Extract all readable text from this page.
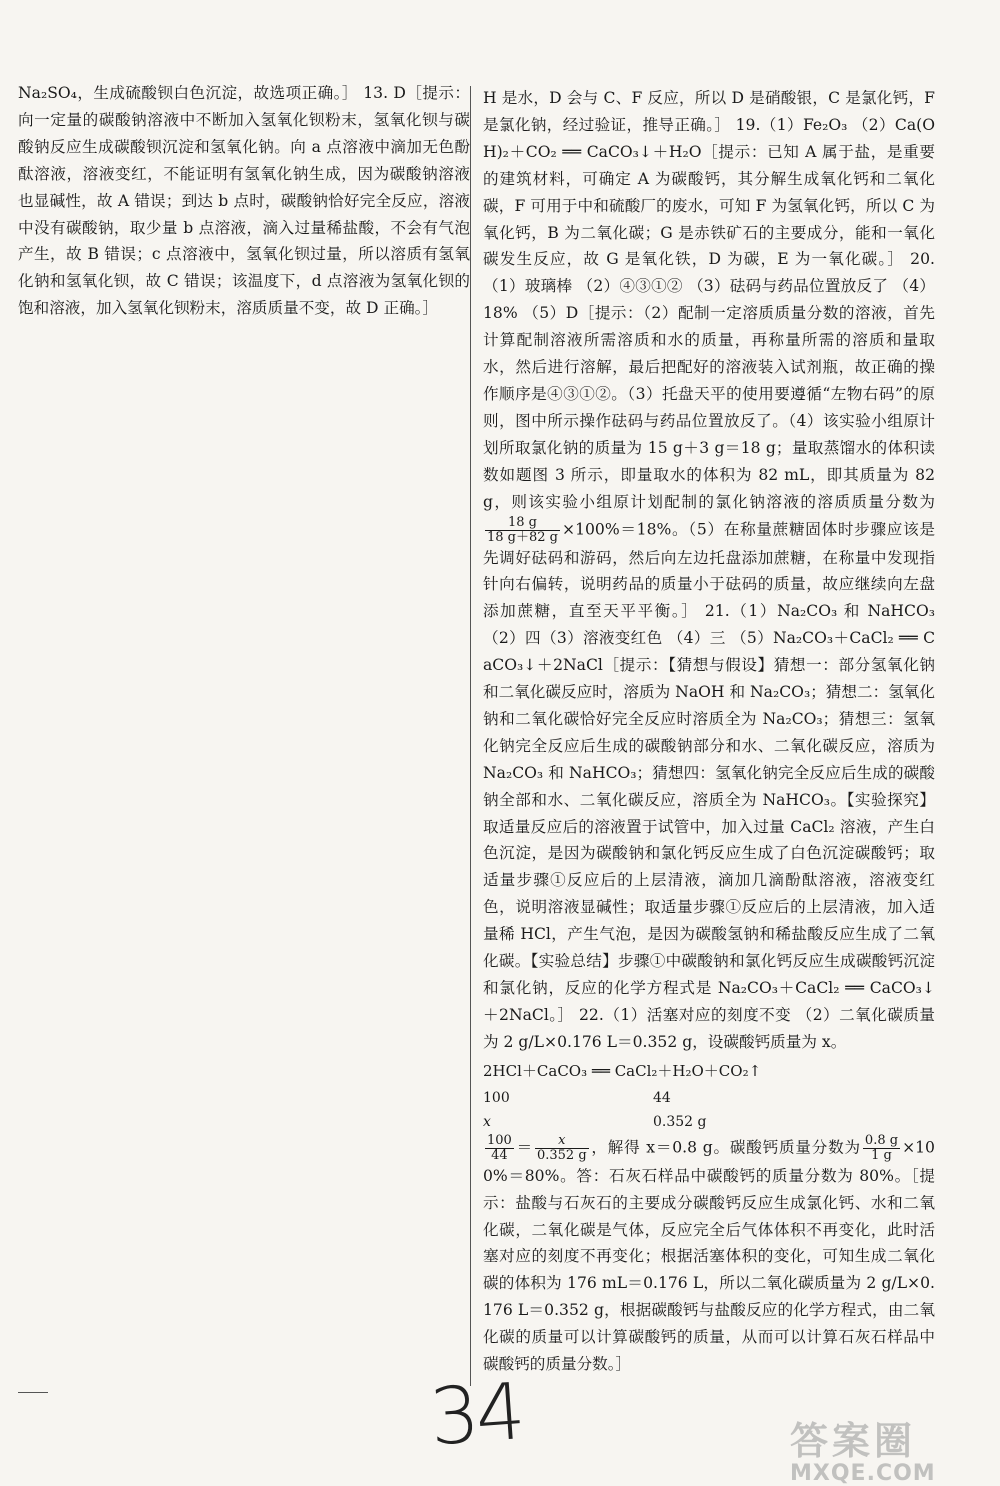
Na₂SO₄，生成硫酸钡白色沉淀，故选项正确。］ 13. D［提示：向一定量的碳酸钠溶液中不断加入氢氧化钡粉末，氢氧化钡与碳酸钠反应生成碳酸钡沉淀和氢氧化钠。向 a 点溶液中滴加无色酚酞溶液，溶液变红，不能证明有氢氧化钠生成，因为碳酸钠溶液也显碱性，故 A 错误；到达 b 点时，碳酸钠恰好完全反应，溶液中没有碳酸钠，取少量 b 点溶液，滴入过量稀盐酸，不会有气泡产生，故 B 错误；c 点溶液中，氢氧化钡过量，所以溶质有氢氧化钠和氢氧化钡，故 C 错误；该温度下，d 点溶液为氢氧化钡的饱和溶液，加入氢氧化钡粉末，溶质质量不变，故 D 正确。］

H 是水，D 会与 C、F 反应，所以 D 是硝酸银，C 是氯化钙，F 是氯化钠，经过验证，推导正确。］ 19.（1）Fe₂O₃ （2）Ca(OH)₂＋CO₂ ══ CaCO₃↓＋H₂O［提示：已知 A 属于盐，是重要的建筑材料，可确定 A 为碳酸钙，其分解生成氧化钙和二氧化碳，F 可用于中和硫酸厂的废水，可知 F 为氢氧化钙，所以 C 为氧化钙，B 为二氧化碳；G 是赤铁矿石的主要成分，能和一氧化碳发生反应，故 G 是氧化铁，D 为碳，E 为一氧化碳。］ 20.（1）玻璃棒 （2）④③①② （3）砝码与药品位置放反了 （4）18% （5）D［提示：（2）配制一定溶质质量分数的溶液，首先计算配制溶液所需溶质和水的质量，再称量所需的溶质和量取水，然后进行溶解，最后把配好的溶液装入试剂瓶，故正确的操作顺序是④③①②。（3）托盘天平的使用要遵循“左物右码”的原则，图中所示操作砝码与药品位置放反了。（4）该实验小组原计划所取氯化钠的质量为 15 g＋3 g＝18 g；量取蒸馏水的体积读数如题图 3 所示，即量取水的体积为 82 mL，即其质量为 82 g，则该实验小组原计划配制的氯化钠溶液的溶质质量分数为
$\frac{18 g}{18 g+82 g} \times 100\%=18\%$。（5）在称量蔗糖固体时步骤应该是先调好砝码和游码，然后向左边托盘添加蔗糖，在称量中发现指针向右偏转，说明药品的质量小于砝码的质量，故应继续向左盘添加蔗糖，直至天平平衡。］ 21.（1）Na₂CO₃ 和 NaHCO₃ （2）四（3）溶液变红色 （4）三 （5）Na₂CO₃＋CaCl₂ ══ CaCO₃↓＋2NaCl［提示：【猜想与假设】猜想一：部分氢氧化钠和二氧化碳反应时，溶质为 NaOH 和 Na₂CO₃；猜想二：氢氧化钠和二氧化碳恰好完全反应时溶质全为 Na₂CO₃；猜想三：氢氧化钠完全反应后生成的碳酸钠部分和水、二氧化碳反应，溶质为 Na₂CO₃ 和 NaHCO₃；猜想四：氢氧化钠完全反应后生成的碳酸钠全部和水、二氧化碳反应，溶质全为 NaHCO₃。【实验探究】取适量反应后的溶液置于试管中，加入过量 CaCl₂ 溶液，产生白色沉淀，是因为碳酸钠和氯化钙反应生成了白色沉淀碳酸钙；取适量步骤①反应后的上层清液，滴加几滴酚酞溶液，溶液变红色，说明溶液显碱性；取适量步骤①反应后的上层清液，加入适量稀 HCl，产生气泡，是因为碳酸氢钠和稀盐酸反应生成了二氧化碳。【实验总结】步骤①中碳酸钠和氯化钙反应生成碳酸钙沉淀和氯化钠，反应的化学方程式是 Na₂CO₃＋CaCl₂ ══ CaCO₃↓＋2NaCl。］ 22.（1）活塞对应的刻度不变 （2）二氧化碳质量为 2 g/L×0.176 L＝0.352 g，设碳酸钙质量为 x。

2HCl＋CaCO₃ ══ CaCl₂＋H₂O＋CO₂↑
100	44
x	0.352 g

$\frac{100}{44} = \frac{x}{0.352 g}$ ，解得 x＝0.8 g。碳酸钙质量分数为 $\frac{0.8 g}{1 g} \times 100\%=80\%$。答：石灰石样品中碳酸钙的质量分数为 80%。［提示：盐酸与石灰石的主要成分碳酸钙反应生成氯化钙、水和二氧化碳，二氧化碳是气体，反应完全后气体体积不再变化，此时活塞对应的刻度不再变化；根据活塞体积的变化，可知生成二氧化碳的体积为 176 mL＝0.176 L，所以二氧化碳质量为 2 g/L×0.176 L＝0.352 g，根据碳酸钙与盐酸反应的化学方程式，由二氧化碳的质量可以计算碳酸钙的质量，从而可以计算石灰石样品中碳酸钙的质量分数。］

34	答案圈
MXQE.COM
